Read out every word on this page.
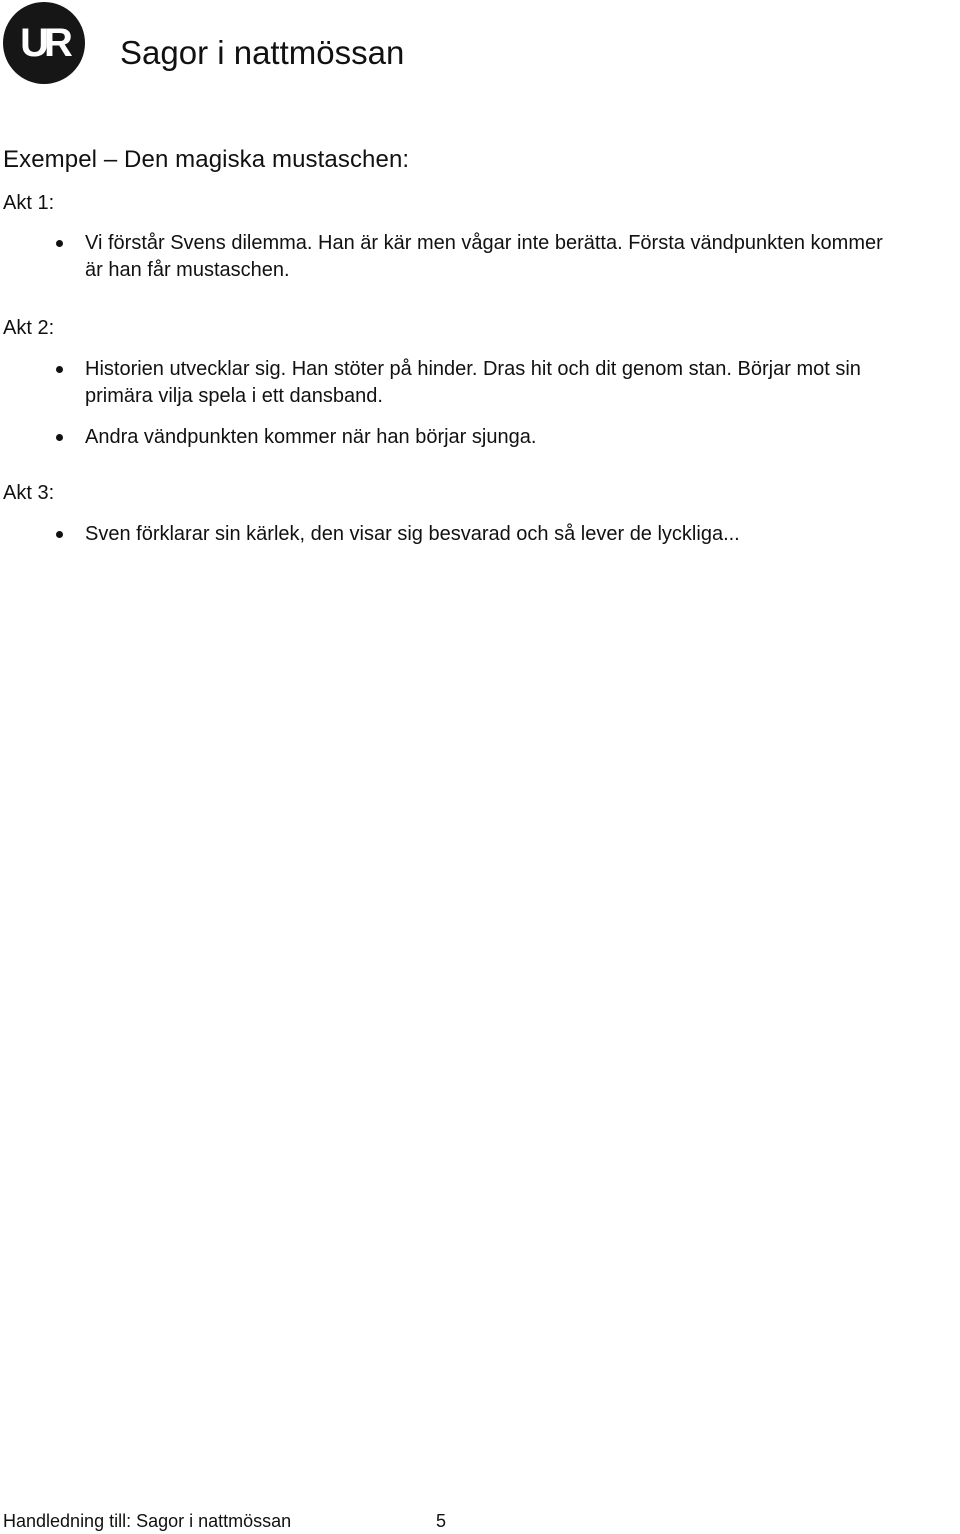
UR	Sagor i nattmössan
Exempel – Den magiska mustaschen:

Akt 1:

Vi förstår Svens dilemma. Han är kär men vågar inte berätta. Första vändpunkten kommer
är han får mustaschen.

Akt 2:

Historien utvecklar sig. Han stöter på hinder. Dras hit och dit genom stan. Börjar mot sin
primära vilja spela i ett dansband.
Andra vändpunkten kommer när han börjar sjunga.

Akt 3:

Sven förklarar sin kärlek, den visar sig besvarad och så lever de lyckliga...
Handledning till: Sagor i nattmössan	5
